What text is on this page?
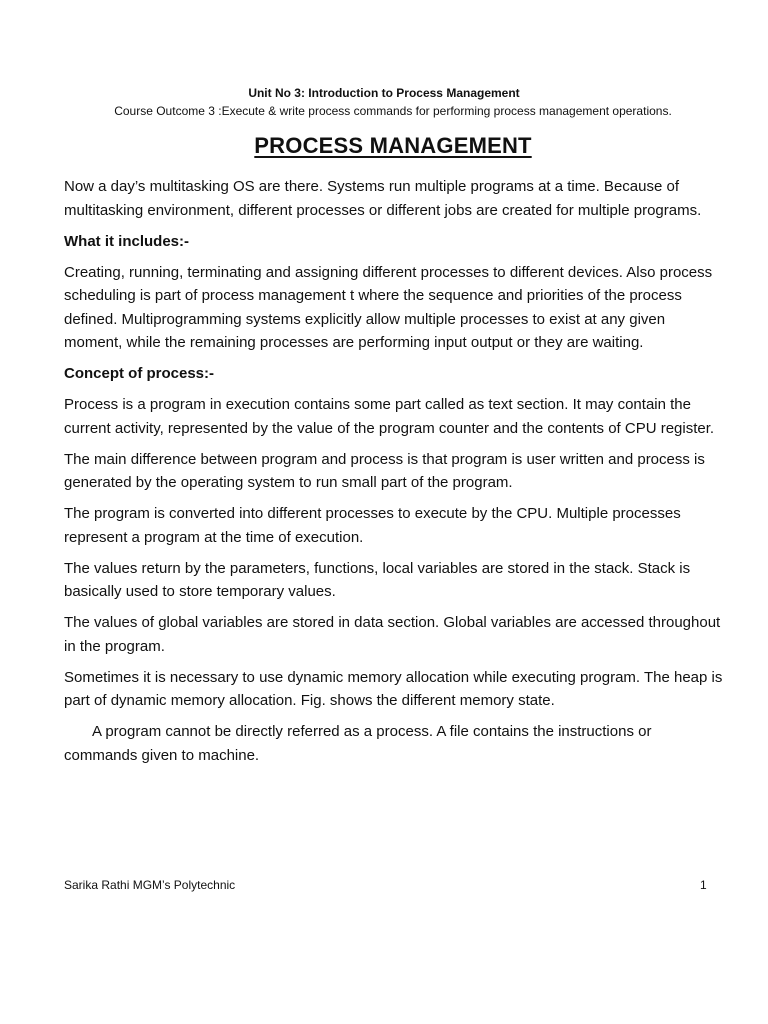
Unit No 3: Introduction to Process Management
Course Outcome 3 :Execute & write process commands for performing process management operations.
PROCESS MANAGEMENT

Now a day’s multitasking OS are there. Systems run multiple programs at a time. Because of multitasking environment, different processes or different jobs are created for multiple programs.

What it includes:-

Creating, running, terminating and assigning different processes to different devices. Also process scheduling is part of process management t where the sequence and priorities of the process defined. Multiprogramming systems explicitly allow multiple processes to exist at any given moment, while the remaining processes are performing input output or they are waiting.

Concept of process:-

Process is a program in execution contains some part called as text section. It may contain the current activity, represented by the value of the program counter and the contents of CPU register.

The main difference between program and process is that program is user written and process is generated by the operating system to run small part of the program.

The program is converted into different processes to execute by the CPU. Multiple processes represent a program at the time of execution.

The values return by the parameters, functions, local variables are stored in the stack. Stack is basically used to store temporary values.

The values of global variables are stored in data section. Global variables are accessed throughout in the program.

Sometimes it is necessary to use dynamic memory allocation while executing program. The heap is part of dynamic memory allocation. Fig. shows the different memory state.

A program cannot be directly referred as a process. A file contains the instructions or commands given to machine.

Sarika Rathi MGM’s Polytechnic	1
